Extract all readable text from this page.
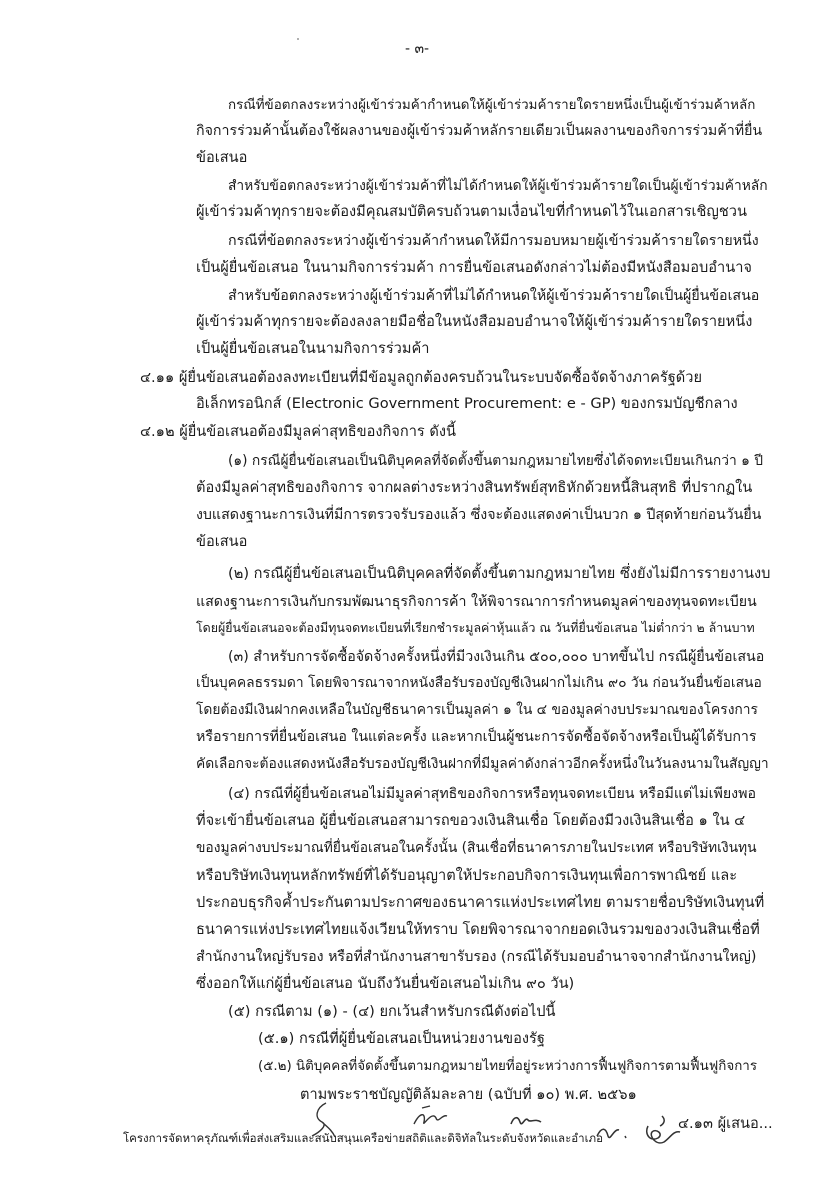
- ๓-
กรณีที่ข้อตกลงระหว่างผู้เข้าร่วมค้ากำหนดให้ผู้เข้าร่วมค้ารายใดรายหนึ่งเป็นผู้เข้าร่วมค้าหลัก
กิจการร่วมค้านั้นต้องใช้ผลงานของผู้เข้าร่วมค้าหลักรายเดียวเป็นผลงานของกิจการร่วมค้าที่ยื่น
ข้อเสนอ
สำหรับข้อตกลงระหว่างผู้เข้าร่วมค้าที่ไม่ได้กำหนดให้ผู้เข้าร่วมค้ารายใดเป็นผู้เข้าร่วมค้าหลัก
ผู้เข้าร่วมค้าทุกรายจะต้องมีคุณสมบัติครบถ้วนตามเงื่อนไขที่กำหนดไว้ในเอกสารเชิญชวน
กรณีที่ข้อตกลงระหว่างผู้เข้าร่วมค้ากำหนดให้มีการมอบหมายผู้เข้าร่วมค้ารายใดรายหนึ่ง
เป็นผู้ยื่นข้อเสนอ ในนามกิจการร่วมค้า การยื่นข้อเสนอดังกล่าวไม่ต้องมีหนังสือมอบอำนาจ
สำหรับข้อตกลงระหว่างผู้เข้าร่วมค้าที่ไม่ได้กำหนดให้ผู้เข้าร่วมค้ารายใดเป็นผู้ยื่นข้อเสนอ
ผู้เข้าร่วมค้าทุกรายจะต้องลงลายมือชื่อในหนังสือมอบอำนาจให้ผู้เข้าร่วมค้ารายใดรายหนึ่ง
เป็นผู้ยื่นข้อเสนอในนามกิจการร่วมค้า
๔.๑๑ ผู้ยื่นข้อเสนอต้องลงทะเบียนที่มีข้อมูลถูกต้องครบถ้วนในระบบจัดซื้อจัดจ้างภาครัฐด้วย
อิเล็กทรอนิกส์ (Electronic Government Procurement: e - GP) ของกรมบัญชีกลาง
๔.๑๒ ผู้ยื่นข้อเสนอต้องมีมูลค่าสุทธิของกิจการ ดังนี้
(๑) กรณีผู้ยื่นข้อเสนอเป็นนิติบุคคลที่จัดตั้งขึ้นตามกฎหมายไทยซึ่งได้จดทะเบียนเกินกว่า ๑ ปี
ต้องมีมูลค่าสุทธิของกิจการ จากผลต่างระหว่างสินทรัพย์สุทธิหักด้วยหนี้สินสุทธิ ที่ปรากฏใน
งบแสดงฐานะการเงินที่มีการตรวจรับรองแล้ว ซึ่งจะต้องแสดงค่าเป็นบวก ๑ ปีสุดท้ายก่อนวันยื่น
ข้อเสนอ
(๒) กรณีผู้ยื่นข้อเสนอเป็นนิติบุคคลที่จัดตั้งขึ้นตามกฎหมายไทย ซึ่งยังไม่มีการรายงานงบ
แสดงฐานะการเงินกับกรมพัฒนาธุรกิจการค้า ให้พิจารณาการกำหนดมูลค่าของทุนจดทะเบียน
โดยผู้ยื่นข้อเสนอจะต้องมีทุนจดทะเบียนที่เรียกชำระมูลค่าหุ้นแล้ว ณ วันที่ยื่นข้อเสนอ ไม่ต่ำกว่า ๒ ล้านบาท
(๓) สำหรับการจัดซื้อจัดจ้างครั้งหนึ่งที่มีวงเงินเกิน ๕๐๐,๐๐๐ บาทขึ้นไป กรณีผู้ยื่นข้อเสนอ
เป็นบุคคลธรรมดา โดยพิจารณาจากหนังสือรับรองบัญชีเงินฝากไม่เกิน ๙๐ วัน ก่อนวันยื่นข้อเสนอ
โดยต้องมีเงินฝากคงเหลือในบัญชีธนาคารเป็นมูลค่า ๑ ใน ๔ ของมูลค่างบประมาณของโครงการ
หรือรายการที่ยื่นข้อเสนอ ในแต่ละครั้ง และหากเป็นผู้ชนะการจัดซื้อจัดจ้างหรือเป็นผู้ได้รับการ
คัดเลือกจะต้องแสดงหนังสือรับรองบัญชีเงินฝากที่มีมูลค่าดังกล่าวอีกครั้งหนึ่งในวันลงนามในสัญญา
(๔) กรณีที่ผู้ยื่นข้อเสนอไม่มีมูลค่าสุทธิของกิจการหรือทุนจดทะเบียน หรือมีแต่ไม่เพียงพอ
ที่จะเข้ายื่นข้อเสนอ ผู้ยื่นข้อเสนอสามารถขอวงเงินสินเชื่อ โดยต้องมีวงเงินสินเชื่อ ๑ ใน ๔
ของมูลค่างบประมาณที่ยื่นข้อเสนอในครั้งนั้น (สินเชื่อที่ธนาคารภายในประเทศ หรือบริษัทเงินทุน
หรือบริษัทเงินทุนหลักทรัพย์ที่ได้รับอนุญาตให้ประกอบกิจการเงินทุนเพื่อการพาณิชย์ และ
ประกอบธุรกิจค้ำประกันตามประกาศของธนาคารแห่งประเทศไทย ตามรายชื่อบริษัทเงินทุนที่
ธนาคารแห่งประเทศไทยแจ้งเวียนให้ทราบ โดยพิจารณาจากยอดเงินรวมของวงเงินสินเชื่อที่
สำนักงานใหญ่รับรอง หรือที่สำนักงานสาขารับรอง (กรณีได้รับมอบอำนาจจากสำนักงานใหญ่)
ซึ่งออกให้แก่ผู้ยื่นข้อเสนอ นับถึงวันยื่นข้อเสนอไม่เกิน ๙๐ วัน)
(๕) กรณีตาม (๑) - (๔) ยกเว้นสำหรับกรณีดังต่อไปนี้
(๕.๑) กรณีที่ผู้ยื่นข้อเสนอเป็นหน่วยงานของรัฐ
(๕.๒) นิติบุคคลที่จัดตั้งขึ้นตามกฎหมายไทยที่อยู่ระหว่างการฟื้นฟูกิจการตามฟื้นฟูกิจการ
ตามพระราชบัญญัติล้มละลาย (ฉบับที่ ๑๐) พ.ศ. ๒๕๖๑
๔.๑๓ ผู้เสนอ...
โครงการจัดหาครุภัณฑ์เพื่อส่งเสริมและสนับสนุนเครือข่ายสถิติและดิจิทัลในระดับจังหวัดและอำเภอ
